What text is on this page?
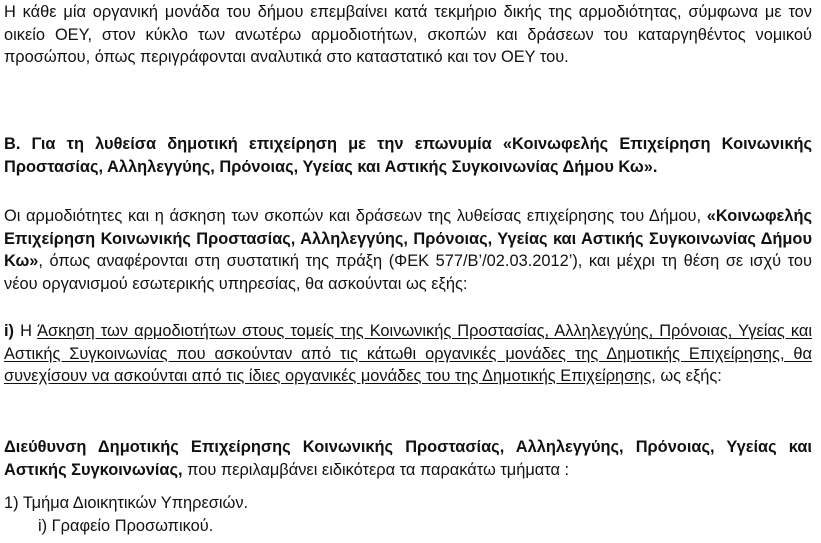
Η κάθε μία οργανική μονάδα του δήμου επεμβαίνει κατά τεκμήριο δικής της αρμοδιότητας, σύμφωνα με τον οικείο ΟΕΥ, στον κύκλο των ανωτέρω αρμοδιοτήτων, σκοπών και δράσεων του καταργηθέντος νομικού προσώπου, όπως περιγράφονται αναλυτικά στο καταστατικό και τον ΟΕΥ του.

Β. Για τη λυθείσα δημοτική επιχείρηση με την επωνυμία «Κοινωφελής Επιχείρηση Κοινωνικής Προστασίας, Αλληλεγγύης, Πρόνοιας, Υγείας και Αστικής Συγκοινωνίας Δήμου Κω».

Οι αρμοδιότητες και η άσκηση των σκοπών και δράσεων της λυθείσας επιχείρησης του Δήμου, «Κοινωφελής Επιχείρηση Κοινωνικής Προστασίας, Αλληλεγγύης, Πρόνοιας, Υγείας και Αστικής Συγκοινωνίας Δήμου Κω», όπως αναφέρονται στη συστατική της πράξη (ΦΕΚ 577/Β’/02.03.2012’), και μέχρι τη θέση σε ισχύ του νέου οργανισμού εσωτερικής υπηρεσίας, θα ασκούνται ως εξής:

i) Η Άσκηση των αρμοδιοτήτων στους τομείς της Κοινωνικής Προστασίας, Αλληλεγγύης, Πρόνοιας, Υγείας και Αστικής Συγκοινωνίας που ασκούνταν από τις κάτωθι οργανικές μονάδες της Δημοτικής Επιχείρησης, θα συνεχίσουν να ασκούνται από τις ίδιες οργανικές μονάδες του της Δημοτικής Επιχείρησης, ως εξής:

Διεύθυνση Δημοτικής Επιχείρησης Κοινωνικής Προστασίας, Αλληλεγγύης, Πρόνοιας, Υγείας και Αστικής Συγκοινωνίας, που περιλαμβάνει ειδικότερα τα παρακάτω τμήματα :

1) Τμήμα Διοικητικών Υπηρεσιών.

i) Γραφείο Προσωπικού.
